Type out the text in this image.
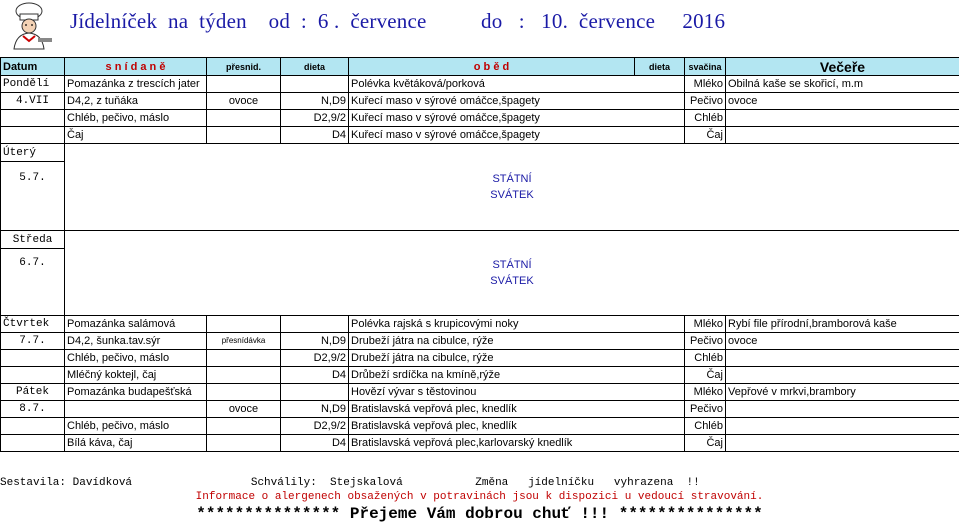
Jídelníček  na  týden    od  :  6 .  července          do   :   10.  července     2016
Datum	s n í d a n ě	přesnid.	dieta	o b ě d	dieta	svačina	Večeře
Pondělí	Pomazánka z trescích jater			Polévka květáková/porková		Mléko	Obilná kaše se skořicí, m.m
4.VII	D4,2, z tuňáka	ovoce	N,D9	Kuřecí maso v sýrové omáčce,špagety		Pečivo	ovoce
	Chléb, pečivo, máslo		D2,9/2	Kuřecí maso v sýrové omáčce,špagety		Chléb	
	Čaj		D4	Kuřecí maso v sýrové omáčce,špagety		Čaj	
Úterý	STÁTNÍ
SVÁTEK						

5.7.							
Středa	STÁTNÍ
SVÁTEK						

6.7.							
Čtvrtek	Pomazánka salámová			Polévka rajská s krupicovými noky		Mléko	Rybí file přírodní,bramborová kaše
7.7.	D4,2, šunka.tav.sýr	přesnídávka	N,D9	Drubeží játra na cibulce, rýže		Pečivo	ovoce
	Chléb, pečivo, máslo		D2,9/2	Drubeží játra na cibulce, rýže		Chléb	
	Mléčný koktejl, čaj		D4	Drůbeží srdíčka na kmíně,rýže		Čaj	
Pátek	Pomazánka budapešťská			Hovězí vývar s těstovinou		Mléko	Vepřové v mrkvi,brambory
8.7.		ovoce	N,D9	Bratislavská vepřová plec, knedlík		Pečivo	
	Chléb, pečivo, máslo		D2,9/2	Bratislavská vepřová plec, knedlík		Chléb	
	Bílá káva, čaj		D4	Bratislavská vepřová plec,karlovarský knedlík		Čaj	
Sestavila: Davídková                  Schválily:  Stejskalová           Změna   jídelníčku   vyhrazena  !!
Informace o alergenech obsažených v potravinách jsou k dispozici u vedoucí stravování.
*************** Přejeme Vám dobrou chuť !!! ***************
